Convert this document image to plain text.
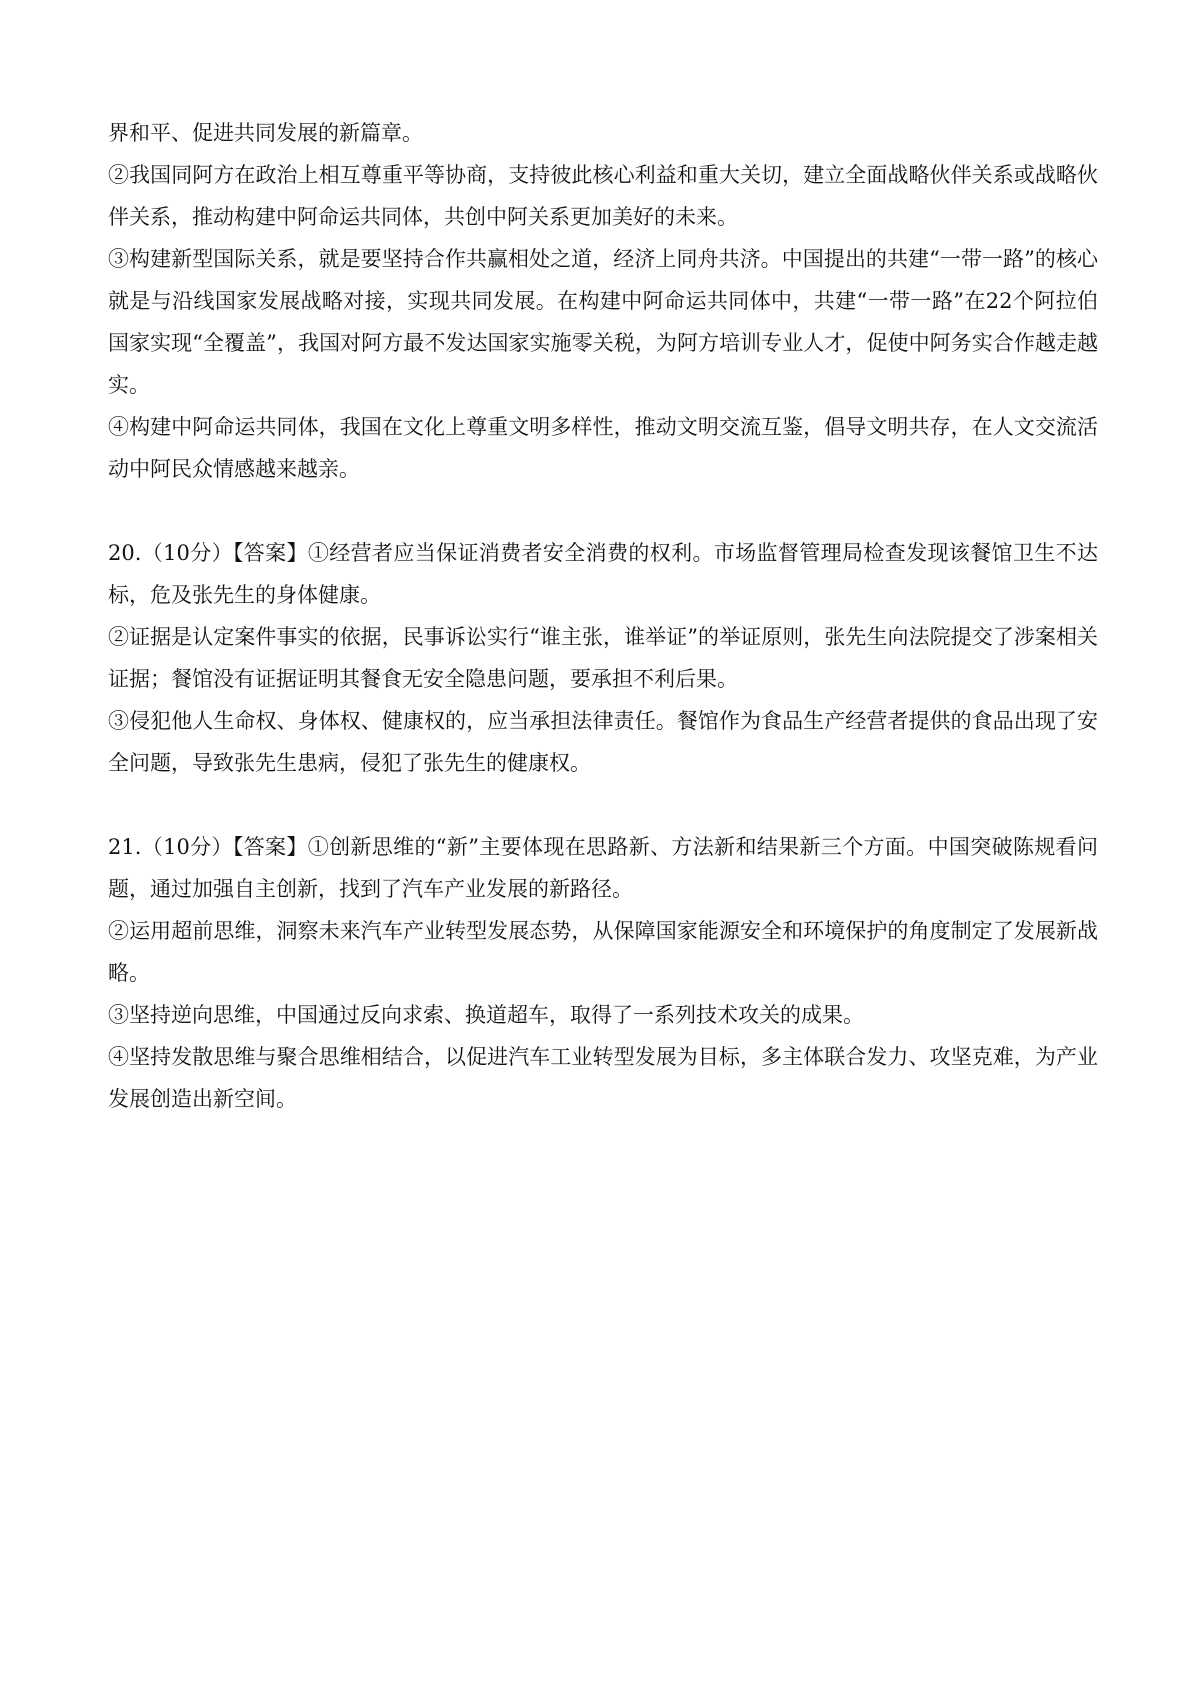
界和平、促进共同发展的新篇章。

②我国同阿方在政治上相互尊重平等协商，支持彼此核心利益和重大关切，建立全面战略伙伴关系或战略伙伴关系，推动构建中阿命运共同体，共创中阿关系更加美好的未来。

③构建新型国际关系，就是要坚持合作共赢相处之道，经济上同舟共济。中国提出的共建“一带一路”的核心就是与沿线国家发展战略对接，实现共同发展。在构建中阿命运共同体中，共建“一带一路”在22个阿拉伯国家实现“全覆盖”，我国对阿方最不发达国家实施零关税，为阿方培训专业人才，促使中阿务实合作越走越实。

④构建中阿命运共同体，我国在文化上尊重文明多样性，推动文明交流互鉴，倡导文明共存，在人文交流活动中阿民众情感越来越亲。

20.（10分）【答案】①经营者应当保证消费者安全消费的权利。市场监督管理局检查发现该餐馆卫生不达标，危及张先生的身体健康。

②证据是认定案件事实的依据，民事诉讼实行“谁主张，谁举证”的举证原则，张先生向法院提交了涉案相关证据；餐馆没有证据证明其餐食无安全隐患问题，要承担不利后果。

③侵犯他人生命权、身体权、健康权的，应当承担法律责任。餐馆作为食品生产经营者提供的食品出现了安全问题，导致张先生患病，侵犯了张先生的健康权。

21.（10分）【答案】①创新思维的“新”主要体现在思路新、方法新和结果新三个方面。中国突破陈规看问题，通过加强自主创新，找到了汽车产业发展的新路径。

②运用超前思维，洞察未来汽车产业转型发展态势，从保障国家能源安全和环境保护的角度制定了发展新战略。

③坚持逆向思维，中国通过反向求索、换道超车，取得了一系列技术攻关的成果。

④坚持发散思维与聚合思维相结合，以促进汽车工业转型发展为目标，多主体联合发力、攻坚克难，为产业发展创造出新空间。
